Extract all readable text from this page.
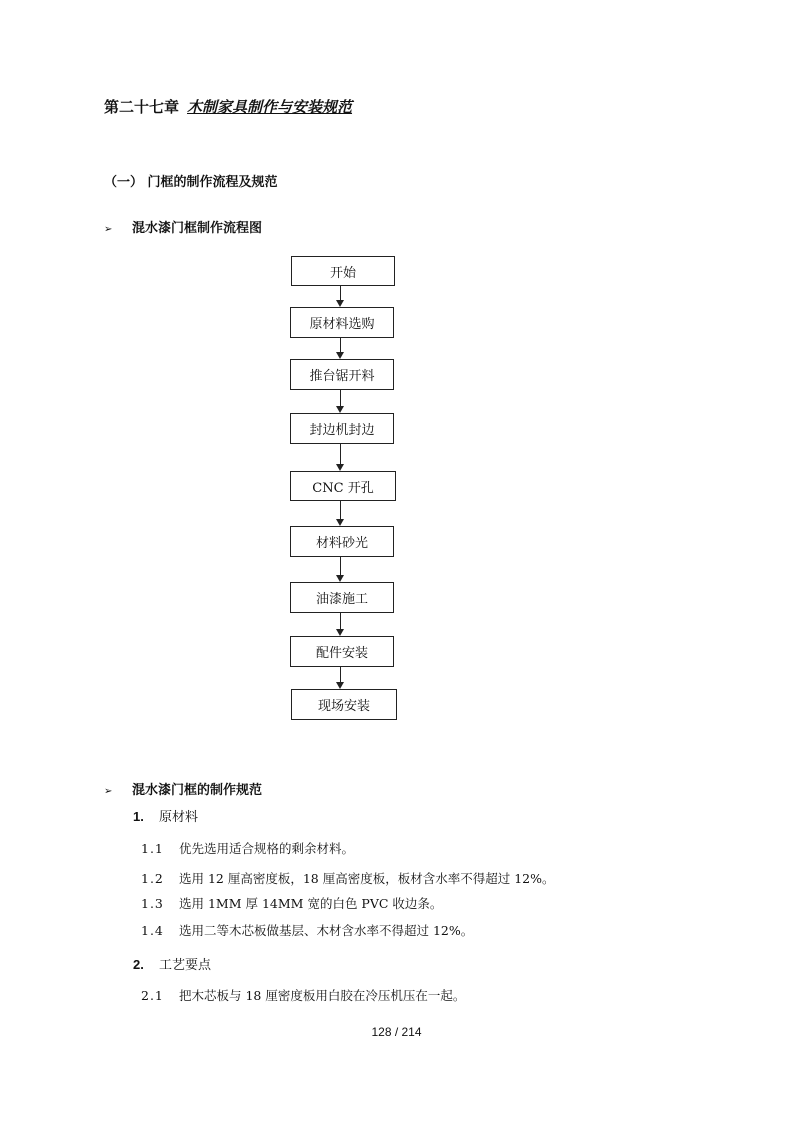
第二十七章 木制家具制作与安装规范
（一） 门框的制作流程及规范
➢ 混水漆门框制作流程图
开始
原材料选购
推台锯开料
封边机封边
CNC 开孔
材料砂光
油漆施工
配件安装
现场安装
➢ 混水漆门框的制作规范
1. 原材料
1.1 优先选用适合规格的剩余材料。
1.2 选用 12 厘高密度板，18 厘高密度板，板材含水率不得超过 12%。
1.3 选用 1MM 厚 14MM 宽的白色 PVC 收边条。
1.4 选用二等木芯板做基层、木材含水率不得超过 12%。
2. 工艺要点
2.1 把木芯板与 18 厘密度板用白胶在冷压机压在一起。
128 / 214
